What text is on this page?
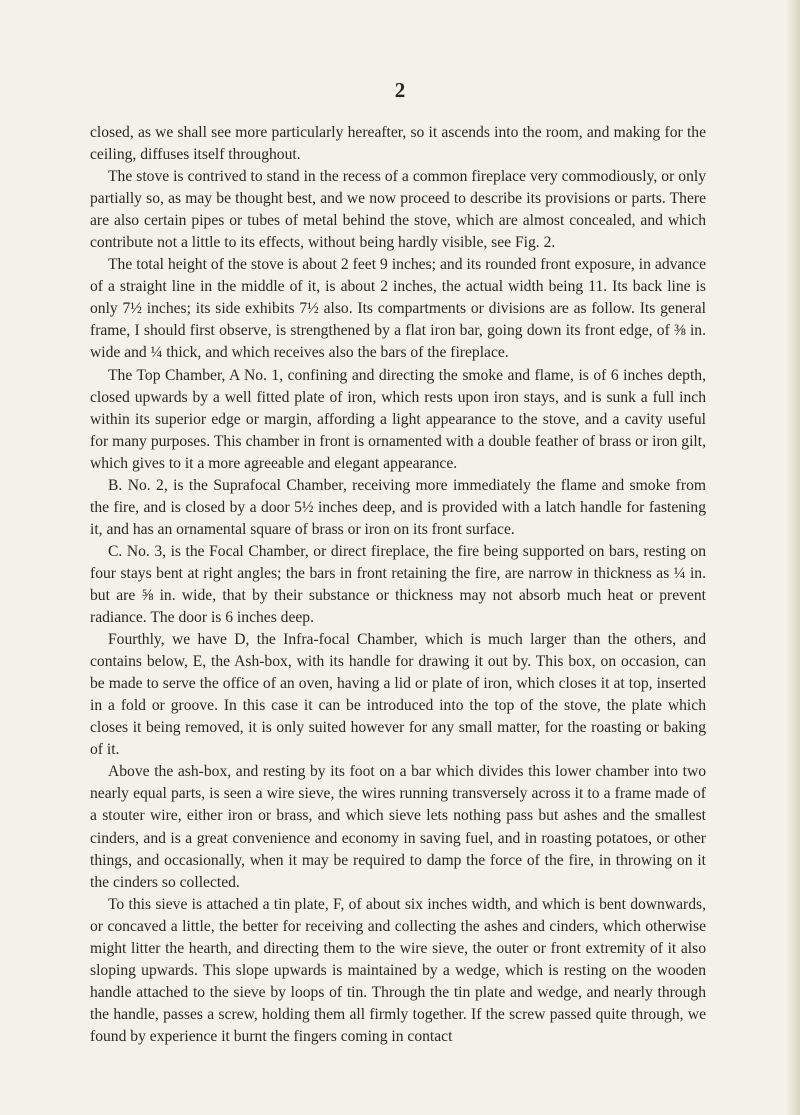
2

closed, as we shall see more particularly hereafter, so it ascends into the room, and making for the ceiling, diffuses itself throughout.

The stove is contrived to stand in the recess of a common fireplace very commodiously, or only partially so, as may be thought best, and we now proceed to describe its provisions or parts. There are also certain pipes or tubes of metal behind the stove, which are almost concealed, and which contribute not a little to its effects, without being hardly visible, see Fig. 2.

The total height of the stove is about 2 feet 9 inches; and its rounded front exposure, in advance of a straight line in the middle of it, is about 2 inches, the actual width being 11. Its back line is only 7½ inches; its side exhibits 7½ also. Its compartments or divisions are as follow. Its general frame, I should first observe, is strengthened by a flat iron bar, going down its front edge, of ⅜ in. wide and ¼ thick, and which receives also the bars of the fireplace.

The Top Chamber, A No. 1, confining and directing the smoke and flame, is of 6 inches depth, closed upwards by a well fitted plate of iron, which rests upon iron stays, and is sunk a full inch within its superior edge or margin, affording a light appearance to the stove, and a cavity useful for many purposes. This chamber in front is ornamented with a double feather of brass or iron gilt, which gives to it a more agreeable and elegant appearance.

B. No. 2, is the Suprafocal Chamber, receiving more immediately the flame and smoke from the fire, and is closed by a door 5½ inches deep, and is provided with a latch handle for fastening it, and has an ornamental square of brass or iron on its front surface.

C. No. 3, is the Focal Chamber, or direct fireplace, the fire being supported on bars, resting on four stays bent at right angles; the bars in front retaining the fire, are narrow in thickness as ¼ in. but are ⅝ in. wide, that by their substance or thickness may not absorb much heat or prevent radiance. The door is 6 inches deep.

Fourthly, we have D, the Infra-focal Chamber, which is much larger than the others, and contains below, E, the Ash-box, with its handle for drawing it out by. This box, on occasion, can be made to serve the office of an oven, having a lid or plate of iron, which closes it at top, inserted in a fold or groove. In this case it can be introduced into the top of the stove, the plate which closes it being removed, it is only suited however for any small matter, for the roasting or baking of it.

Above the ash-box, and resting by its foot on a bar which divides this lower chamber into two nearly equal parts, is seen a wire sieve, the wires running transversely across it to a frame made of a stouter wire, either iron or brass, and which sieve lets nothing pass but ashes and the smallest cinders, and is a great convenience and economy in saving fuel, and in roasting potatoes, or other things, and occasionally, when it may be required to damp the force of the fire, in throwing on it the cinders so collected.

To this sieve is attached a tin plate, F, of about six inches width, and which is bent downwards, or concaved a little, the better for receiving and collecting the ashes and cinders, which otherwise might litter the hearth, and directing them to the wire sieve, the outer or front extremity of it also sloping upwards. This slope upwards is maintained by a wedge, which is resting on the wooden handle attached to the sieve by loops of tin. Through the tin plate and wedge, and nearly through the handle, passes a screw, holding them all firmly together. If the screw passed quite through, we found by experience it burnt the fingers coming in contact
